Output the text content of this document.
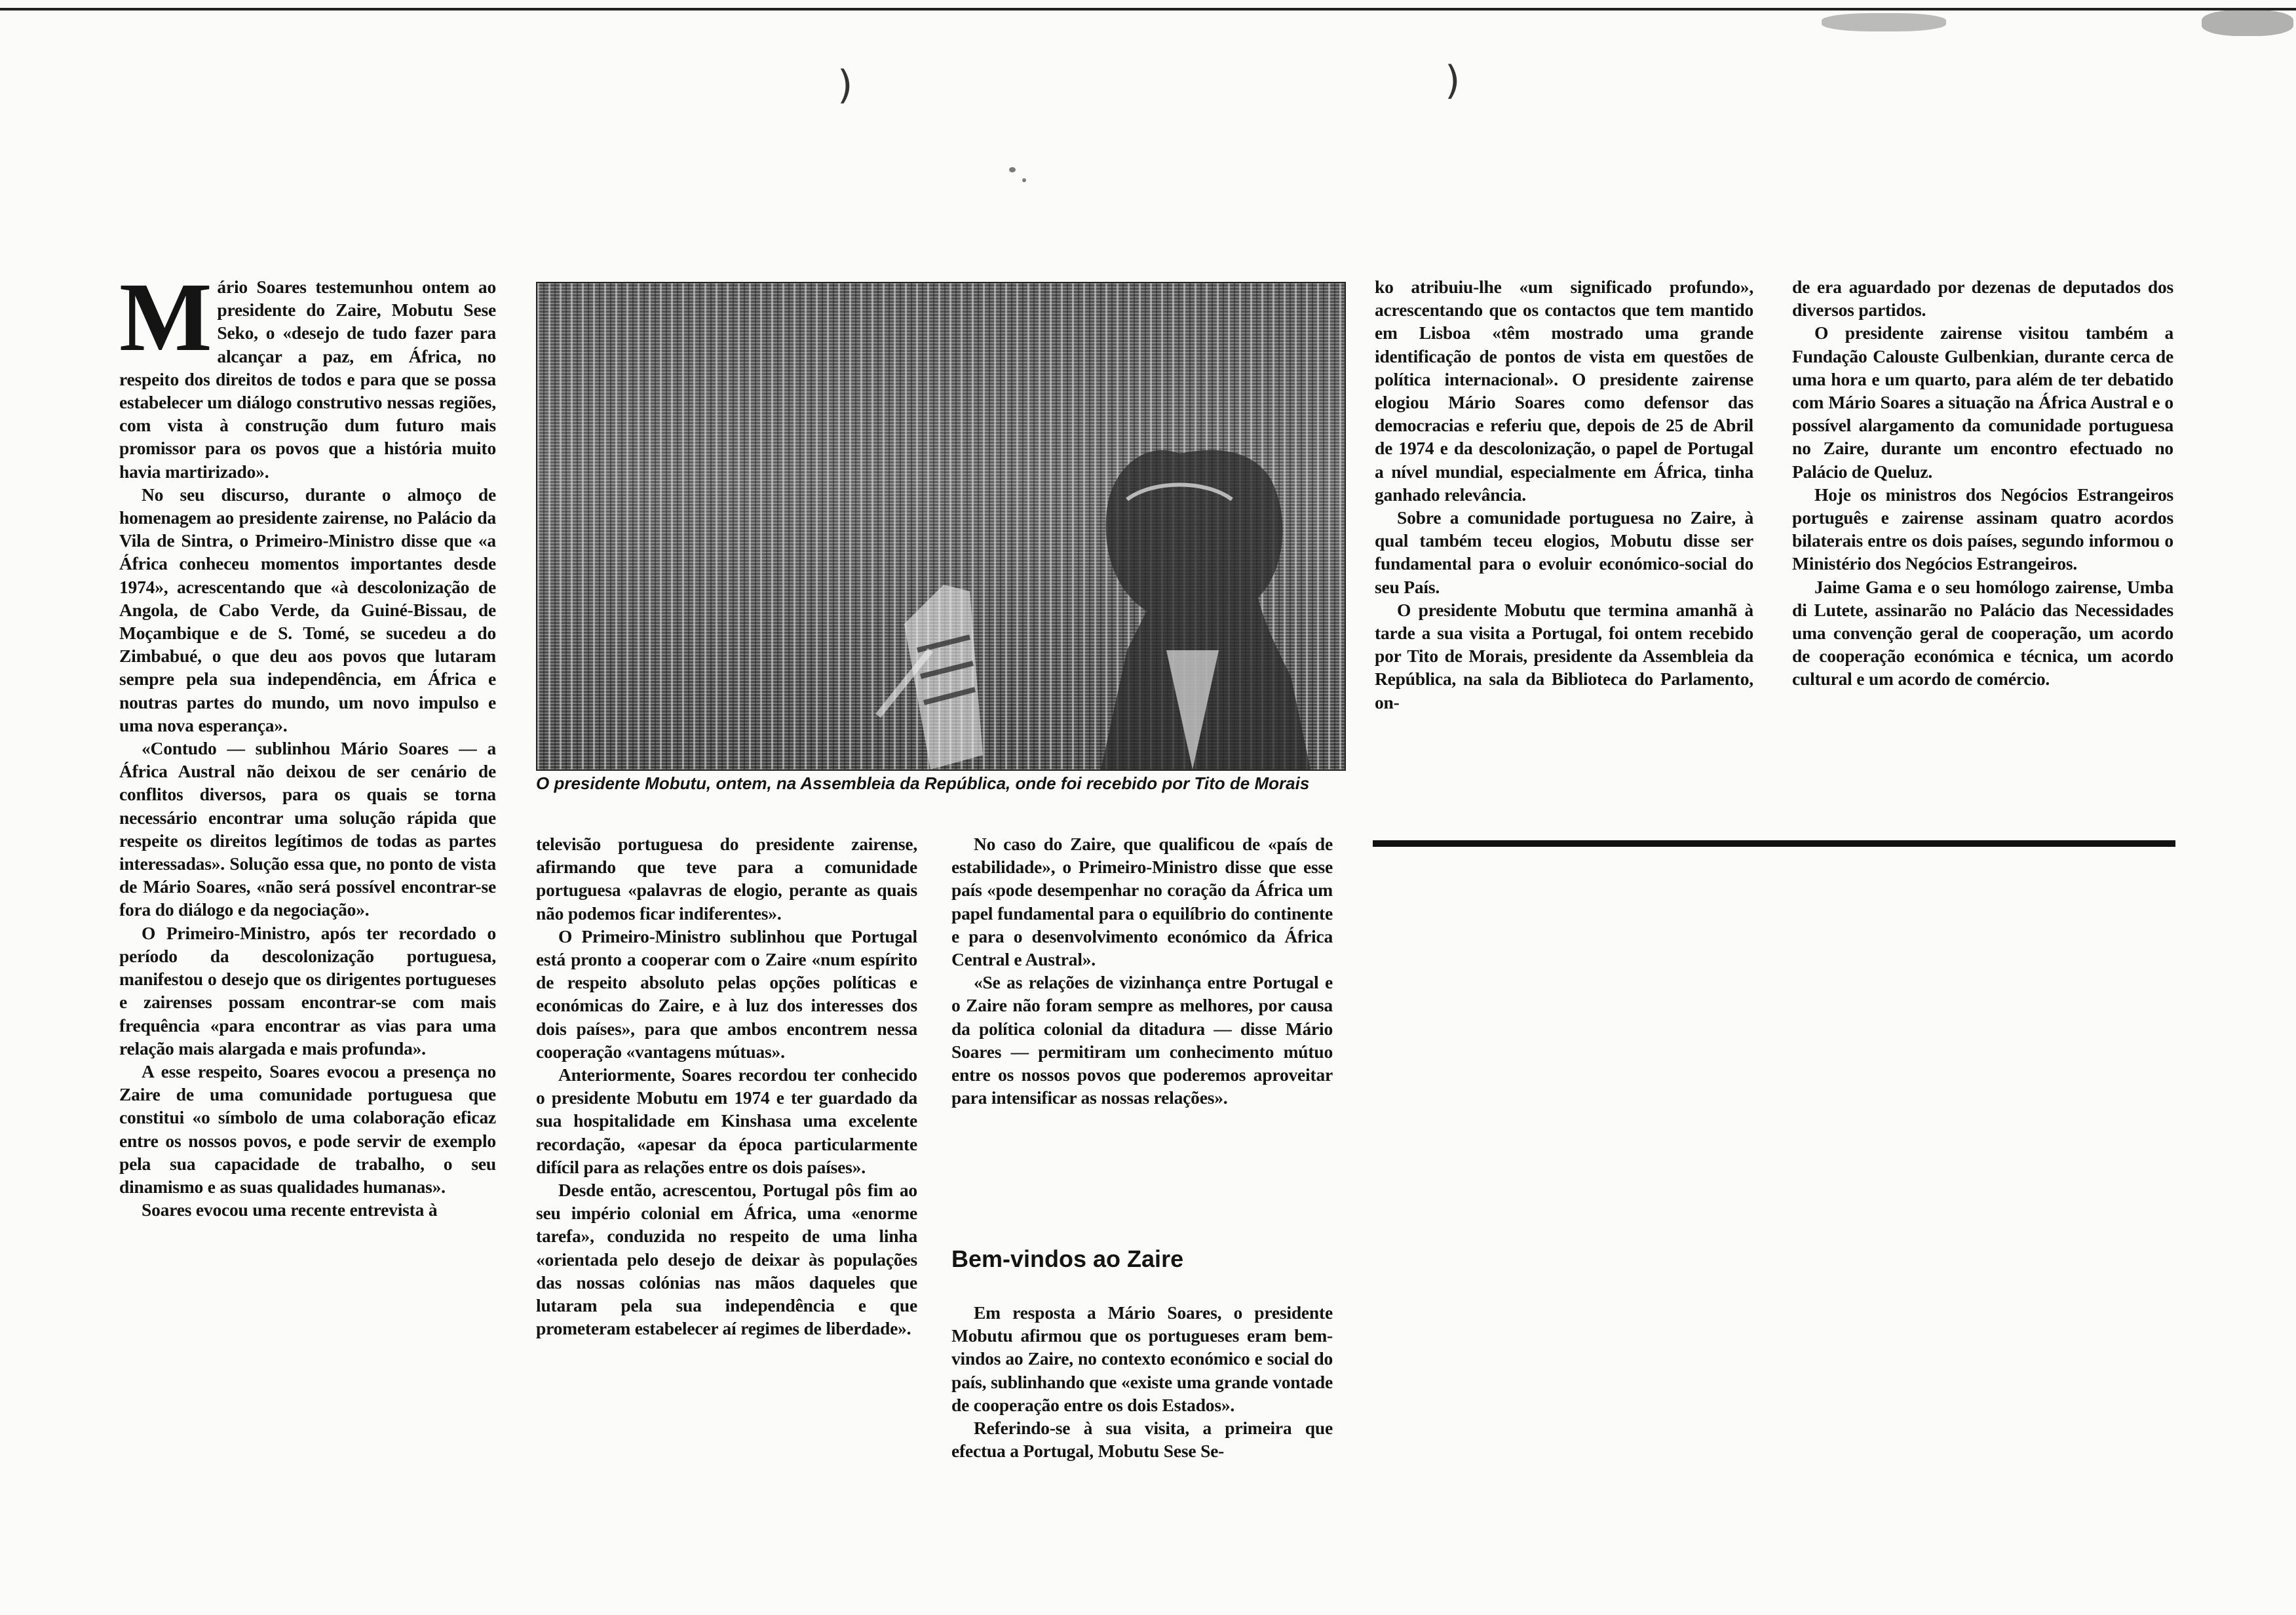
)	)

Mário Soares testemunhou ontem ao presidente do Zaire, Mobutu Sese Seko, o «desejo de tudo fazer para alcançar a paz, em África, no respeito dos direitos de todos e para que se possa estabelecer um diálogo construtivo nessas regiões, com vista à construção dum futuro mais promissor para os povos que a história muito havia martirizado».

No seu discurso, durante o almoço de homenagem ao presidente zairense, no Palácio da Vila de Sintra, o Primeiro-Ministro disse que «a África conheceu momentos importantes desde 1974», acrescentando que «à descolonização de Angola, de Cabo Verde, da Guiné-Bissau, de Moçambique e de S. Tomé, se sucedeu a do Zimbabué, o que deu aos povos que lutaram sempre pela sua independência, em África e noutras partes do mundo, um novo impulso e uma nova esperança».

«Contudo — sublinhou Mário Soares — a África Austral não deixou de ser cenário de conflitos diversos, para os quais se torna necessário encontrar uma solução rápida que respeite os direitos legítimos de todas as partes interessadas». Solução essa que, no ponto de vista de Mário Soares, «não será possível encontrar-se fora do diálogo e da negociação».

O Primeiro-Ministro, após ter recordado o período da descolonização portuguesa, manifestou o desejo que os dirigentes portugueses e zairenses possam encontrar-se com mais frequência «para encontrar as vias para uma relação mais alargada e mais profunda».

A esse respeito, Soares evocou a presença no Zaire de uma comunidade portuguesa que constitui «o símbolo de uma colaboração eficaz entre os nossos povos, e pode servir de exemplo pela sua capacidade de trabalho, o seu dinamismo e as suas qualidades humanas».

Soares evocou uma recente entrevista à

O presidente Mobutu, ontem, na Assembleia da República, onde foi recebido por Tito de Morais

televisão portuguesa do presidente zairense, afirmando que teve para a comunidade portuguesa «palavras de elogio, perante as quais não podemos ficar indiferentes».

O Primeiro-Ministro sublinhou que Portugal está pronto a cooperar com o Zaire «num espírito de respeito absoluto pelas opções políticas e económicas do Zaire, e à luz dos interesses dos dois países», para que ambos encontrem nessa cooperação «vantagens mútuas».

Anteriormente, Soares recordou ter conhecido o presidente Mobutu em 1974 e ter guardado da sua hospitalidade em Kinshasa uma excelente recordação, «apesar da época particularmente difícil para as relações entre os dois países».

Desde então, acrescentou, Portugal pôs fim ao seu império colonial em África, uma «enorme tarefa», conduzida no respeito de uma linha «orientada pelo desejo de deixar às populações das nossas colónias nas mãos daqueles que lutaram pela sua independência e que prometeram estabelecer aí regimes de liberdade».

No caso do Zaire, que qualificou de «país de estabilidade», o Primeiro-Ministro disse que esse país «pode desempenhar no coração da África um papel fundamental para o equilíbrio do continente e para o desenvolvimento económico da África Central e Austral».

«Se as relações de vizinhança entre Portugal e o Zaire não foram sempre as melhores, por causa da política colonial da ditadura — disse Mário Soares — permitiram um conhecimento mútuo entre os nossos povos que poderemos aproveitar para intensificar as nossas relações».

Bem-vindos ao Zaire

Em resposta a Mário Soares, o presidente Mobutu afirmou que os portugueses eram bem-vindos ao Zaire, no contexto económico e social do país, sublinhando que «existe uma grande vontade de cooperação entre os dois Estados».

Referindo-se à sua visita, a primeira que efectua a Portugal, Mobutu Sese Se-

ko atribuiu-lhe «um significado profundo», acrescentando que os contactos que tem mantido em Lisboa «têm mostrado uma grande identificação de pontos de vista em questões de política internacional». O presidente zairense elogiou Mário Soares como defensor das democracias e referiu que, depois de 25 de Abril de 1974 e da descolonização, o papel de Portugal a nível mundial, especialmente em África, tinha ganhado relevância.

Sobre a comunidade portuguesa no Zaire, à qual também teceu elogios, Mobutu disse ser fundamental para o evoluir económico-social do seu País.

O presidente Mobutu que termina amanhã à tarde a sua visita a Portugal, foi ontem recebido por Tito de Morais, presidente da Assembleia da República, na sala da Biblioteca do Parlamento, on-

de era aguardado por dezenas de deputados dos diversos partidos.

O presidente zairense visitou também a Fundação Calouste Gulbenkian, durante cerca de uma hora e um quarto, para além de ter debatido com Mário Soares a situação na África Austral e o possível alargamento da comunidade portuguesa no Zaire, durante um encontro efectuado no Palácio de Queluz.

Hoje os ministros dos Negócios Estrangeiros português e zairense assinam quatro acordos bilaterais entre os dois países, segundo informou o Ministério dos Negócios Estrangeiros.

Jaime Gama e o seu homólogo zairense, Umba di Lutete, assinarão no Palácio das Necessidades uma convenção geral de cooperação, um acordo de cooperação económica e técnica, um acordo cultural e um acordo de comércio.
